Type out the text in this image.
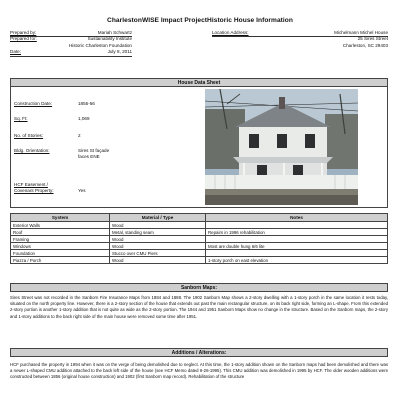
CharlestonWISE Impact ProjectHistoric House Information
Prepared by:	Mariah Schwartz
Prepared for:	Sustainability Institute
Historic Charleston Foundation
Date:	July 8, 2011
Location Address:	Michelmann Michel House
25 Sires Street
Charleston, SC 29403
House Data Sheet
Construction Date:	1855-56
Sq. Ft:	1,069
No. of Stories:	2
Bldg. Orientation:	Sires St façade
faces ENE
HCF Easement /
Covenant Property:	Yes
System	Material / Type	Notes
Exterior Walls	Wood	
Roof	Metal, standing seam	Repairs in 1996 rehabilitation
Framing	Wood	
Windows	Wood	Most are double hung 6/6 lite
Foundation	Stucco over CMU Piers	
Piazza / Porch	Wood	1-story porch on east elevation
Sanborn Maps:
Sires Street was not recorded in the Sanborn Fire Insurance Maps from 1884 and 1888. The 1902 Sanborn Map shows a 2-story dwelling with a 1-story porch in the same location it rests today, situated on the north property line. However, there is a 2-story section of the house that extends out past the main rectangular structure, on its back right side, forming an L-shape. From this extended 2-story portion is another 1-story addition that is not quite as wide as the 2-story portion. The 1944 and 1951 Sanborn Maps show no change in the structure. Based on the Sanborn maps, the 2-story and 1-story additions to the back right side of the main house were removed some time after 1951.
Additions / Alterations:
HCF purchased the property in 1994 when it was on the verge of being demolished due to neglect. At this time, the 1-story addition shown on the Sanborn maps had been demolished and there was a newer L-shaped CMU addition attached to the back left side of the house (see HCF Memo dated 6-26-1995). This CMU addition was demolished in 1995 by HCF. The older wooden additions were constructed between 1856 (original house construction) and 1902 (first Sanborn map record). Rehabilitation of the structure
